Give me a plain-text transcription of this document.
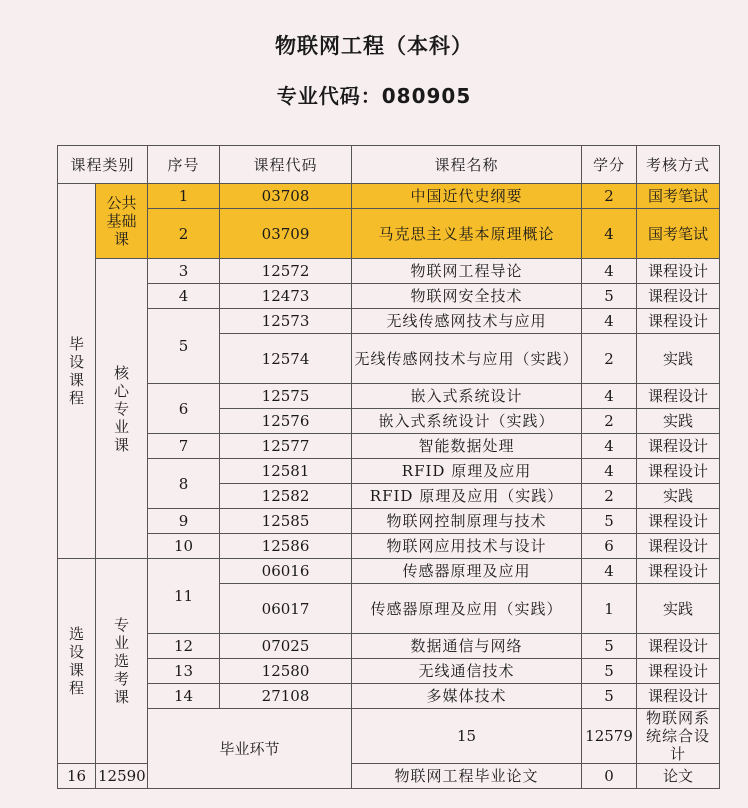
物联网工程（本科）
专业代码：080905
课程类别		序号	课程代码	课程名称	学分	考核方式	
毕
设
课
程	公共
基础
课	1	03708	中国近代史纲要	2	国考笔试	
		2	03709	马克思主义基本原理概论	4	国考笔试	
	核
心
专
业
课	3	12572	物联网工程导论	4	课程设计	
		4	12473	物联网安全技术	5	课程设计	
		5	12573	无线传感网技术与应用	4	课程设计	
			12574	无线传感网技术与应用（实践）	2	实践	
		6	12575	嵌入式系统设计	4	课程设计	
			12576	嵌入式系统设计（实践）	2	实践	
		7	12577	智能数据处理	4	课程设计	
		8	12581	RFID 原理及应用	4	课程设计	
			12582	RFID 原理及应用（实践）	2	实践	
		9	12585	物联网控制原理与技术	5	课程设计	
		10	12586	物联网应用技术与设计	6	课程设计	
选
设
课
程	专
业
选
考
课	11	06016	传感器原理及应用	4	课程设计	
			06017	传感器原理及应用（实践）	1	实践	
		12	07025	数据通信与网络	5	课程设计	
		13	12580	无线通信技术	5	课程设计	
		14	27108	多媒体技术	5	课程设计	
		毕业环节		15	12579	物联网系统综合设计		
16	12590			物联网工程毕业论文	0	论文	
